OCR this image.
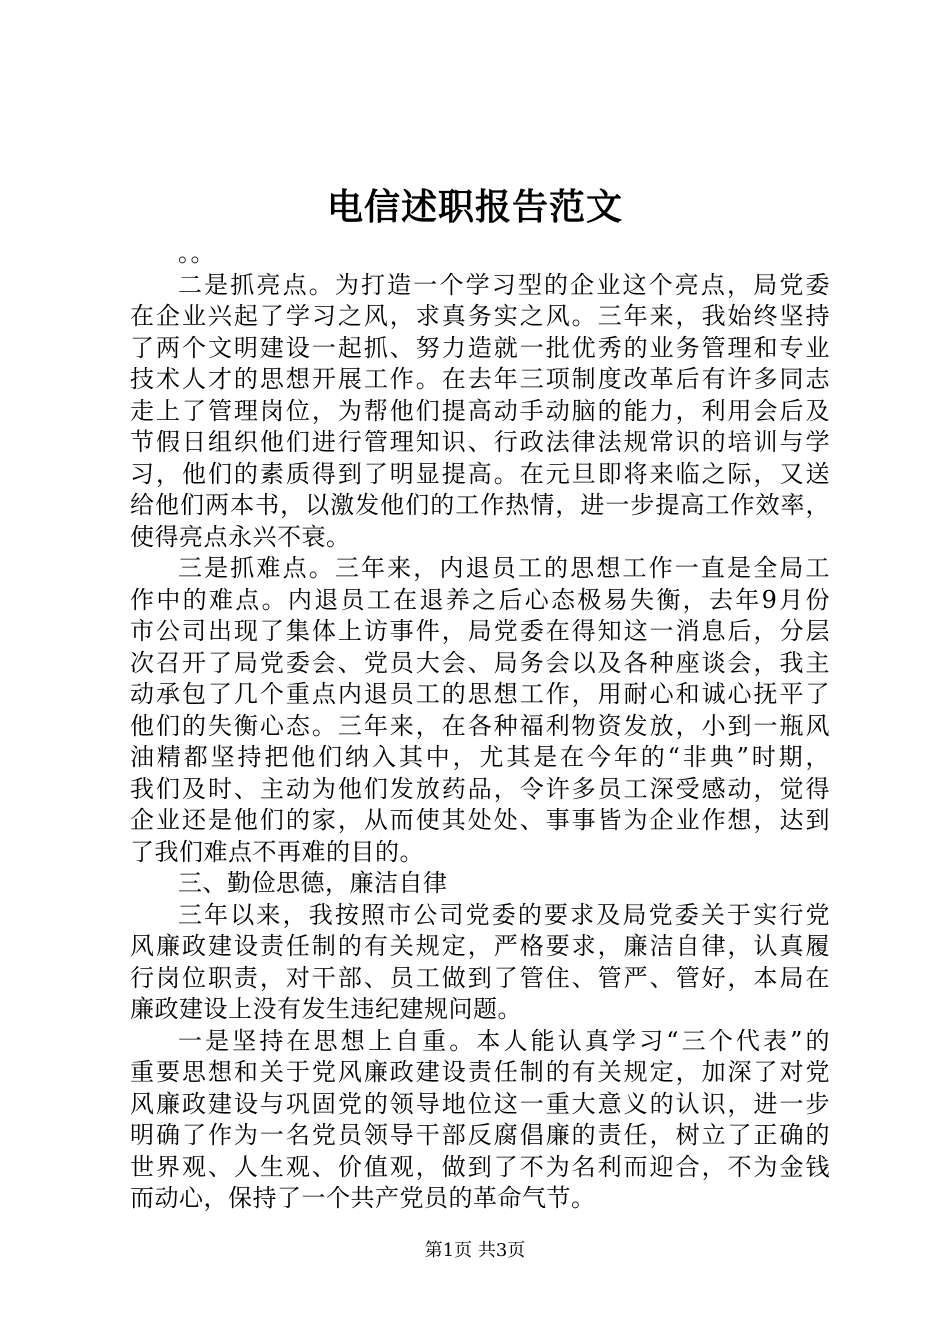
电信述职报告范文
。。
二是抓亮点。为打造一个学习型的企业这个亮点，局党委
在企业兴起了学习之风，求真务实之风。三年来，我始终坚持
了两个文明建设一起抓、努力造就一批优秀的业务管理和专业
技术人才的思想开展工作。在去年三项制度改革后有许多同志
走上了管理岗位，为帮他们提高动手动脑的能力，利用会后及
节假日组织他们进行管理知识、行政法律法规常识的培训与学
习，他们的素质得到了明显提高。在元旦即将来临之际，又送
给他们两本书，以激发他们的工作热情，进一步提高工作效率，
使得亮点永兴不衰。
三是抓难点。三年来，内退员工的思想工作一直是全局工
作中的难点。内退员工在退养之后心态极易失衡，去年9月份
市公司出现了集体上访事件，局党委在得知这一消息后，分层
次召开了局党委会、党员大会、局务会以及各种座谈会，我主
动承包了几个重点内退员工的思想工作，用耐心和诚心抚平了
他们的失衡心态。三年来，在各种福利物资发放，小到一瓶风
油精都坚持把他们纳入其中，尤其是在今年的“非典”时期，
我们及时、主动为他们发放药品，令许多员工深受感动，觉得
企业还是他们的家，从而使其处处、事事皆为企业作想，达到
了我们难点不再难的目的。
三、勤俭思德，廉洁自律
三年以来，我按照市公司党委的要求及局党委关于实行党
风廉政建设责任制的有关规定，严格要求，廉洁自律，认真履
行岗位职责，对干部、员工做到了管住、管严、管好，本局在
廉政建设上没有发生违纪建规问题。
一是坚持在思想上自重。本人能认真学习“三个代表”的
重要思想和关于党风廉政建设责任制的有关规定，加深了对党
风廉政建设与巩固党的领导地位这一重大意义的认识，进一步
明确了作为一名党员领导干部反腐倡廉的责任，树立了正确的
世界观、人生观、价值观，做到了不为名利而迎合，不为金钱
而动心，保持了一个共产党员的革命气节。
第1页 共3页
